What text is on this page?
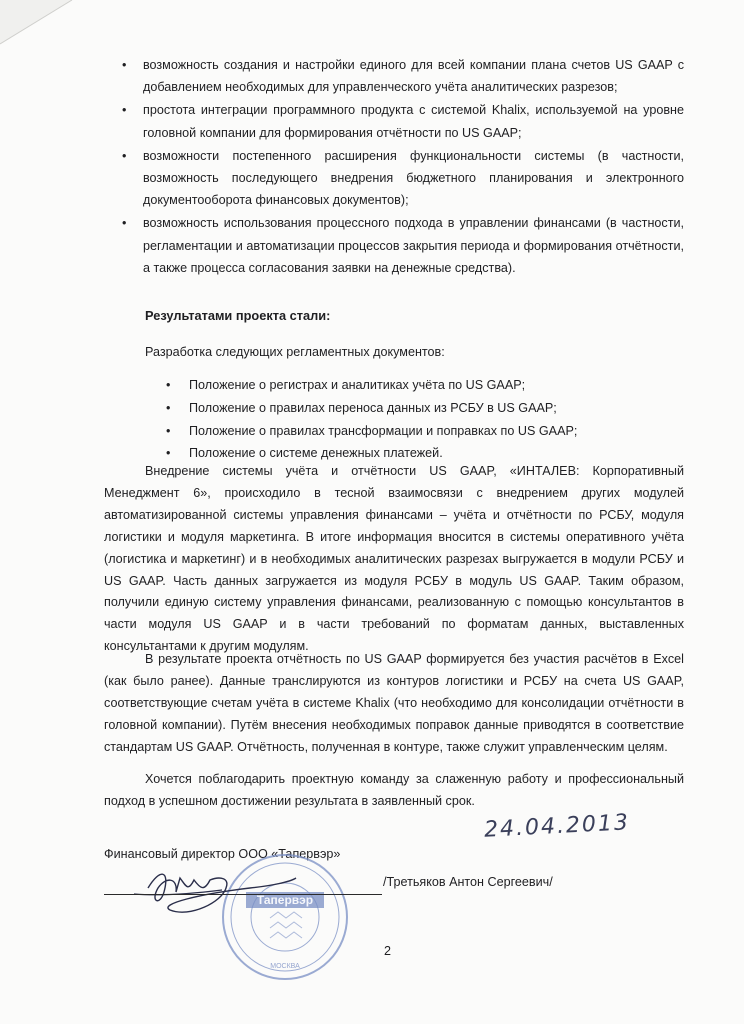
• возможность создания и настройки единого для всей компании плана счетов US GAAP с добавлением необходимых для управленческого учёта аналитических разрезов;
• простота интеграции программного продукта с системой Khalix, используемой на уровне головной компании для формирования отчётности по US GAAP;
• возможности постепенного расширения функциональности системы (в частности, возможность последующего внедрения бюджетного планирования и электронного документооборота финансовых документов);
• возможность использования процессного подхода в управлении финансами (в частности, регламентации и автоматизации процессов закрытия периода и формирования отчётности, а также процесса согласования заявки на денежные средства).
Результатами проекта стали:
Разработка следующих регламентных документов:
• Положение о регистрах и аналитиках учёта по US GAAP;
• Положение о правилах переноса данных из РСБУ в US GAAP;
• Положение о правилах трансформации и поправках по US GAAP;
• Положение о системе денежных платежей.

Внедрение системы учёта и отчётности US GAAP, «ИНТАЛЕВ: Корпоративный Менеджмент 6», происходило в тесной взаимосвязи с внедрением других модулей автоматизированной системы управления финансами – учёта и отчётности по РСБУ, модуля логистики и модуля маркетинга. В итоге информация вносится в системы оперативного учёта (логистика и маркетинг) и в необходимых аналитических разрезах выгружается в модули РСБУ и US GAAP. Часть данных загружается из модуля РСБУ в модуль US GAAP. Таким образом, получили единую систему управления финансами, реализованную с помощью консультантов в части модуля US GAAP и в части требований по форматам данных, выставленных консультантами к другим модулям.

В результате проекта отчётность по US GAAP формируется без участия расчётов в Excel (как было ранее). Данные транслируются из контуров логистики и РСБУ на счета US GAAP, соответствующие счетам учёта в системе Khalix (что необходимо для консолидации отчётности в головной компании). Путём внесения необходимых поправок данные приводятся в соответствие стандартам US GAAP. Отчётность, полученная в контуре, также служит управленческим целям.

Хочется поблагодарить проектную команду за слаженную работу и профессиональный подход в успешном достижении результата в заявленный срок.

24.04.2013
Финансовый директор ООО «Тапервэр»
Тапервэр
МОСКВА
/Третьяков Антон Сергеевич/
2
